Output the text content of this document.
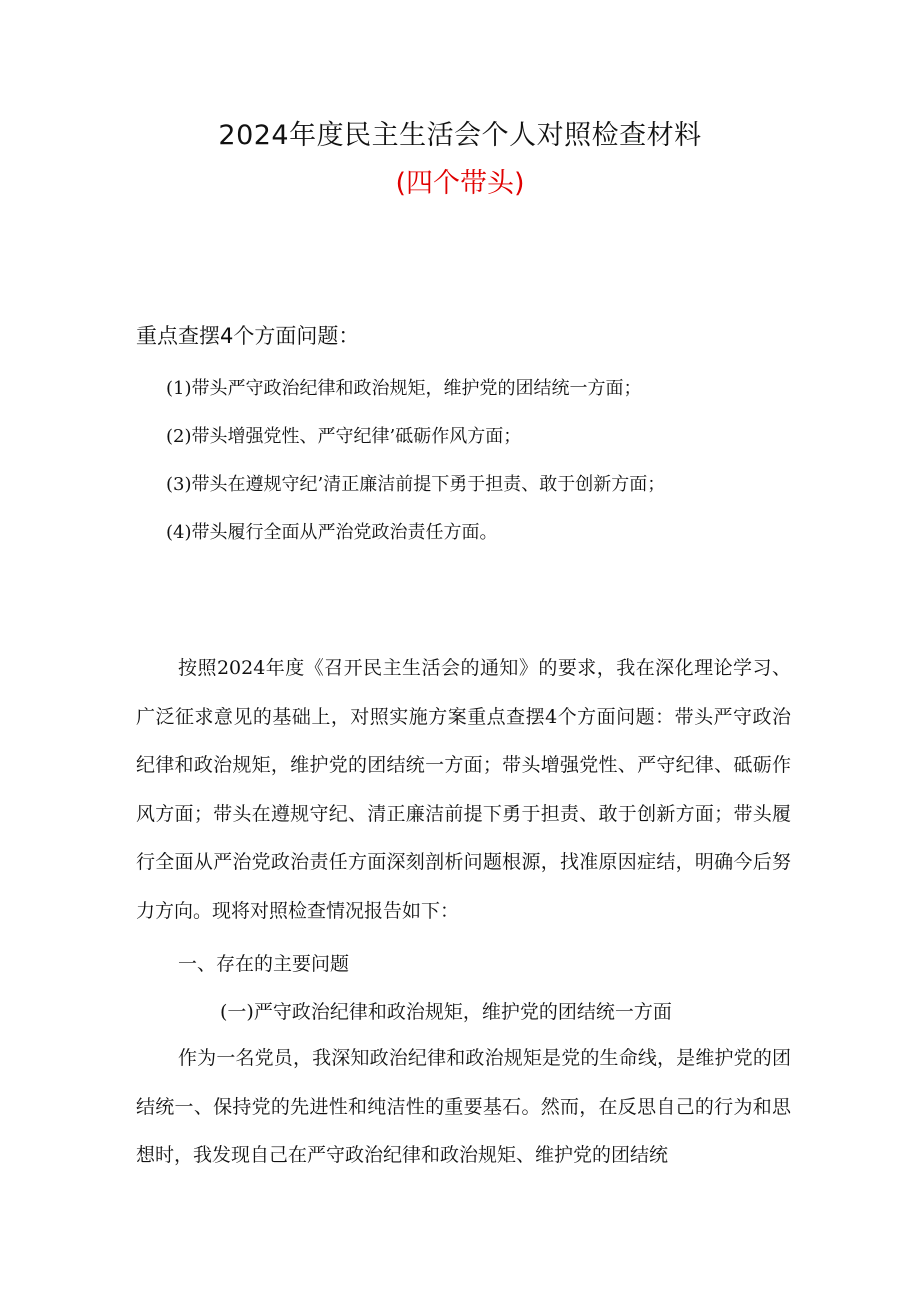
2024年度民主生活会个人对照检查材料
(四个带头)
重点查摆4个方面问题：
(1)带头严守政治纪律和政治规矩，维护党的团结统一方面；
(2)带头增强党性、严守纪律’砥砺作风方面；
(3)带头在遵规守纪’清正廉洁前提下勇于担责、敢于创新方面；
(4)带头履行全面从严治党政治责任方面。

按照2024年度《召开民主生活会的通知》的要求，我在深化理论学习、广泛征求意见的基础上，对照实施方案重点查摆4个方面问题：带头严守政治纪律和政治规矩，维护党的团结统一方面；带头增强党性、严守纪律、砥砺作风方面；带头在遵规守纪、清正廉洁前提下勇于担责、敢于创新方面；带头履行全面从严治党政治责任方面深刻剖析问题根源，找准原因症结，明确今后努力方向。现将对照检查情况报告如下：

一、存在的主要问题
(一)严守政治纪律和政治规矩，维护党的团结统一方面

作为一名党员，我深知政治纪律和政治规矩是党的生命线，是维护党的团结统一、保持党的先进性和纯洁性的重要基石。然而，在反思自己的行为和思想时，我发现自己在严守政治纪律和政治规矩、维护党的团结统
